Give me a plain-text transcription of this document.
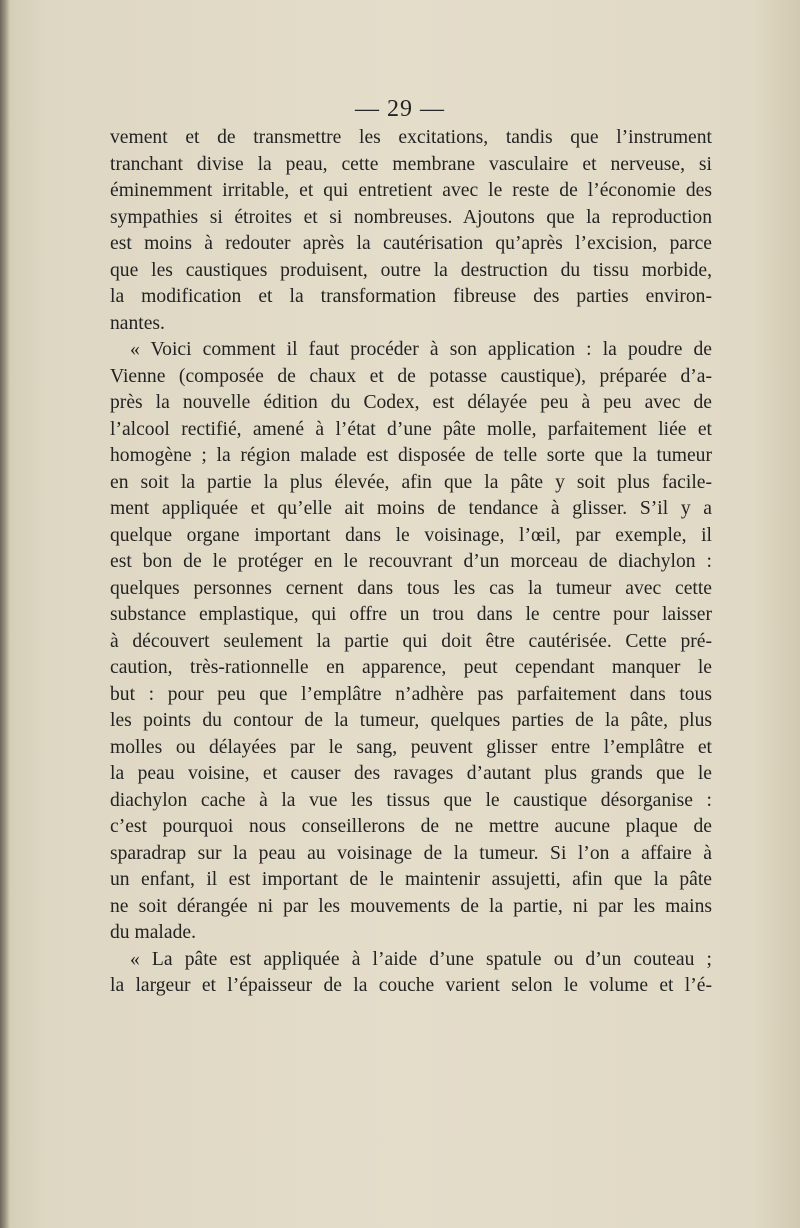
— 29 —
vement et de transmettre les excitations, tandis que l’instrument
tranchant divise la peau, cette membrane vasculaire et nerveuse, si
éminemment irritable, et qui entretient avec le reste de l’économie des
sympathies si étroites et si nombreuses. Ajoutons que la reproduction
est moins à redouter après la cautérisation qu’après l’excision, parce
que les caustiques produisent, outre la destruction du tissu morbide,
la modification et la transformation fibreuse des parties environ-
nantes.
« Voici comment il faut procéder à son application : la poudre de
Vienne (composée de chaux et de potasse caustique), préparée d’a-
près la nouvelle édition du Codex, est délayée peu à peu avec de
l’alcool rectifié, amené à l’état d’une pâte molle, parfaitement liée et
homogène ; la région malade est disposée de telle sorte que la tumeur
en soit la partie la plus élevée, afin que la pâte y soit plus facile-
ment appliquée et qu’elle ait moins de tendance à glisser. S’il y a
quelque organe important dans le voisinage, l’œil, par exemple, il
est bon de le protéger en le recouvrant d’un morceau de diachylon :
quelques personnes cernent dans tous les cas la tumeur avec cette
substance emplastique, qui offre un trou dans le centre pour laisser
à découvert seulement la partie qui doit être cautérisée. Cette pré-
caution, très-rationnelle en apparence, peut cependant manquer le
but : pour peu que l’emplâtre n’adhère pas parfaitement dans tous
les points du contour de la tumeur, quelques parties de la pâte, plus
molles ou délayées par le sang, peuvent glisser entre l’emplâtre et
la peau voisine, et causer des ravages d’autant plus grands que le
diachylon cache à la vue les tissus que le caustique désorganise :
c’est pourquoi nous conseillerons de ne mettre aucune plaque de
sparadrap sur la peau au voisinage de la tumeur. Si l’on a affaire à
un enfant, il est important de le maintenir assujetti, afin que la pâte
ne soit dérangée ni par les mouvements de la partie, ni par les mains
du malade.
« La pâte est appliquée à l’aide d’une spatule ou d’un couteau ;
la largeur et l’épaisseur de la couche varient selon le volume et l’é-
